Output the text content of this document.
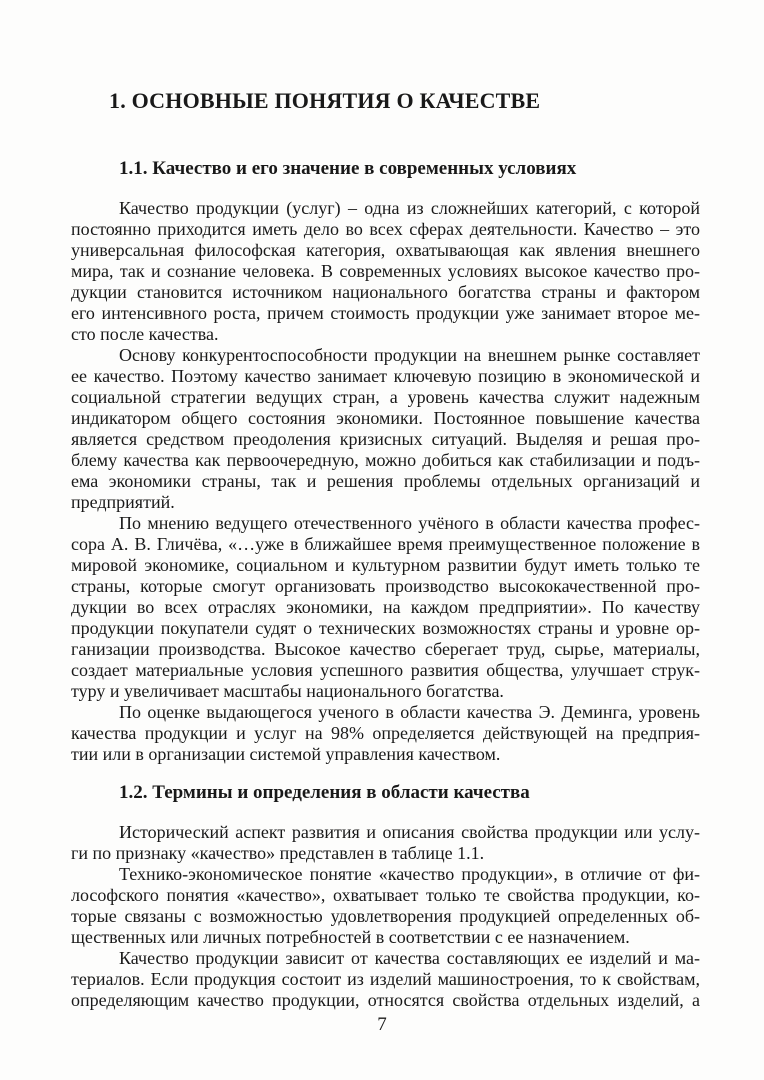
1. ОСНОВНЫЕ ПОНЯТИЯ О КАЧЕСТВЕ
1.1. Качество и его значение в современных условиях
Качество продукции (услуг) – одна из сложнейших категорий, с которой
постоянно приходится иметь дело во всех сферах деятельности. Качество – это
универсальная философская категория, охватывающая как явления внешнего
мира, так и сознание человека. В современных условиях высокое качество про-
дукции становится источником национального богатства страны и фактором
его интенсивного роста, причем стоимость продукции уже занимает второе ме-
сто после качества.
Основу конкурентоспособности продукции на внешнем рынке составляет
ее качество. Поэтому качество занимает ключевую позицию в экономической и
социальной стратегии ведущих стран, а уровень качества служит надежным
индикатором общего состояния экономики. Постоянное повышение качества
является средством преодоления кризисных ситуаций. Выделяя и решая про-
блему качества как первоочередную, можно добиться как стабилизации и подъ-
ема экономики страны, так и решения проблемы отдельных организаций и
предприятий.
По мнению ведущего отечественного учёного в области качества профес-
сора А. В. Гличёва, «…уже в ближайшее время преимущественное положение в
мировой экономике, социальном и культурном развитии будут иметь только те
страны, которые смогут организовать производство высококачественной про-
дукции во всех отраслях экономики, на каждом предприятии». По качеству
продукции покупатели судят о технических возможностях страны и уровне ор-
ганизации производства. Высокое качество сберегает труд, сырье, материалы,
создает материальные условия успешного развития общества, улучшает струк-
туру и увеличивает масштабы национального богатства.
По оценке выдающегося ученого в области качества Э. Деминга, уровень
качества продукции и услуг на 98% определяется действующей на предприя-
тии или в организации системой управления качеством.
1.2. Термины и определения в области качества
Исторический аспект развития и описания свойства продукции или услу-
ги по признаку «качество» представлен в таблице 1.1.
Технико-экономическое понятие «качество продукции», в отличие от фи-
лософского понятия «качество», охватывает только те свойства продукции, ко-
торые связаны с возможностью удовлетворения продукцией определенных об-
щественных или личных потребностей в соответствии с ее назначением.
Качество продукции зависит от качества составляющих ее изделий и ма-
териалов. Если продукция состоит из изделий машиностроения, то к свойствам,
определяющим качество продукции, относятся свойства отдельных изделий, а
7
